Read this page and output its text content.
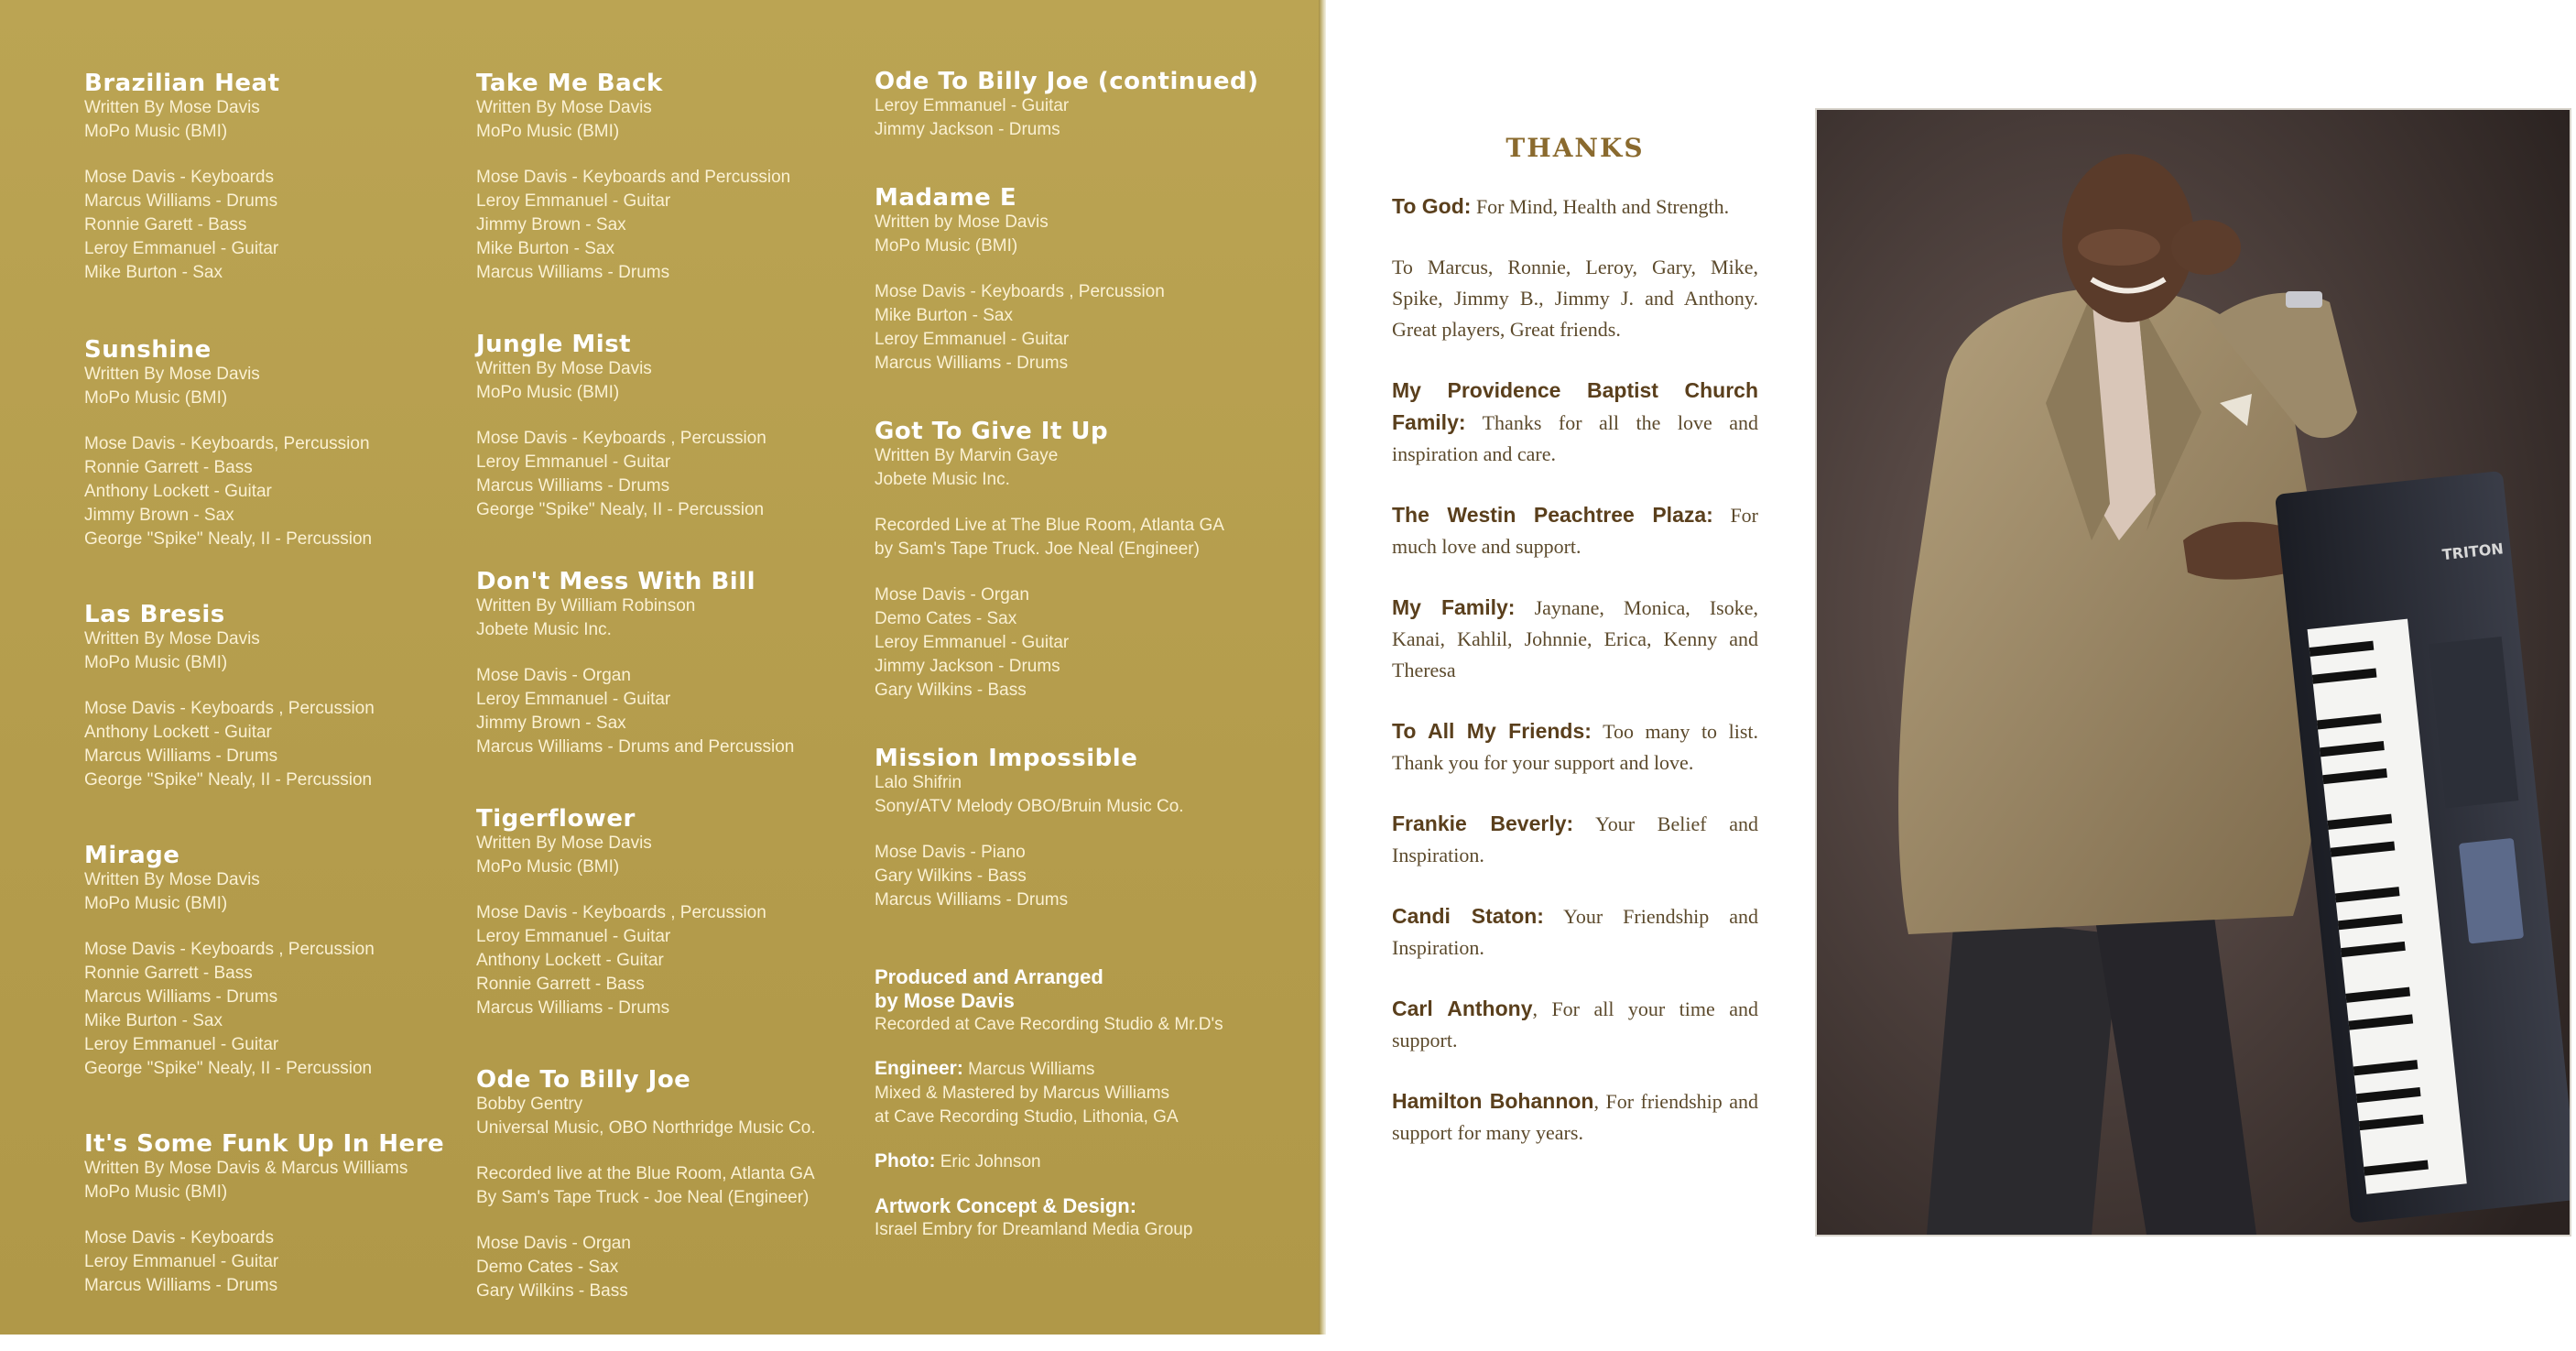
Brazilian Heat
Written By Mose Davis
MoPo Music (BMI)
Mose Davis - Keyboards
Marcus Williams - Drums
Ronnie Garett - Bass
Leroy Emmanuel - Guitar
Mike Burton - Sax
Sunshine
Written By Mose Davis
MoPo Music (BMI)
Mose Davis - Keyboards, Percussion
Ronnie Garrett - Bass
Anthony Lockett - Guitar
Jimmy Brown - Sax
George "Spike" Nealy, II - Percussion
Las Bresis
Written By Mose Davis
MoPo Music (BMI)
Mose Davis - Keyboards , Percussion
Anthony Lockett - Guitar
Marcus Williams - Drums
George "Spike" Nealy, II - Percussion
Mirage
Written By Mose Davis
MoPo Music (BMI)
Mose Davis - Keyboards , Percussion
Ronnie Garrett - Bass
Marcus Williams - Drums
Mike Burton - Sax
Leroy Emmanuel - Guitar
George "Spike" Nealy, II - Percussion
It's Some Funk Up In Here
Written By Mose Davis & Marcus Williams
MoPo Music (BMI)
Mose Davis - Keyboards
Leroy Emmanuel - Guitar
Marcus Williams - Drums
Take Me Back
Written By Mose Davis
MoPo Music (BMI)
Mose Davis - Keyboards and Percussion
Leroy Emmanuel - Guitar
Jimmy Brown - Sax
Mike Burton - Sax
Marcus Williams - Drums
Jungle Mist
Written By Mose Davis
MoPo Music (BMI)
Mose Davis - Keyboards , Percussion
Leroy Emmanuel - Guitar
Marcus Williams - Drums
George "Spike" Nealy, II - Percussion
Don't Mess With Bill
Written By William Robinson
Jobete Music Inc.
Mose Davis - Organ
Leroy Emmanuel - Guitar
Jimmy Brown - Sax
Marcus Williams - Drums and Percussion
Tigerflower
Written By Mose Davis
MoPo Music (BMI)
Mose Davis - Keyboards , Percussion
Leroy Emmanuel - Guitar
Anthony Lockett - Guitar
Ronnie Garrett - Bass
Marcus Williams - Drums
Ode To Billy Joe
Bobby Gentry
Universal Music, OBO Northridge Music Co.
Recorded live at the Blue Room, Atlanta GA
By Sam's Tape Truck - Joe Neal (Engineer)
Mose Davis - Organ
Demo Cates - Sax
Gary Wilkins - Bass
Ode To Billy Joe (continued)
Leroy Emmanuel - Guitar
Jimmy Jackson - Drums
Madame E
Written by Mose Davis
MoPo Music (BMI)
Mose Davis - Keyboards , Percussion
Mike Burton - Sax
Leroy Emmanuel - Guitar
Marcus Williams - Drums
Got To Give It Up
Written By Marvin Gaye
Jobete Music Inc.
Recorded Live at The Blue Room, Atlanta GA
by Sam's Tape Truck. Joe Neal (Engineer)
Mose Davis - Organ
Demo Cates - Sax
Leroy Emmanuel - Guitar
Jimmy Jackson - Drums
Gary Wilkins - Bass
Mission Impossible
Lalo Shifrin
Sony/ATV Melody OBO/Bruin Music Co.
Mose Davis - Piano
Gary Wilkins - Bass
Marcus Williams - Drums
Produced and Arranged
by Mose Davis
Recorded at Cave Recording Studio & Mr.D's
Engineer: Marcus Williams
Mixed & Mastered by Marcus Williams
at Cave Recording Studio, Lithonia, GA
Photo: Eric Johnson
Artwork Concept & Design:
Israel Embry for Dreamland Media Group
THANKS
To God: For Mind, Health and Strength.
To Marcus, Ronnie, Leroy, Gary, Mike, Spike, Jimmy B., Jimmy J. and Anthony. Great players, Great friends.
My Providence Baptist Church Family: Thanks for all the love and inspiration and care.
The Westin Peachtree Plaza: For much love and support.
My Family: Jaynane, Monica, Isoke, Kanai, Kahlil, Johnnie, Erica, Kenny and Theresa
To All My Friends: Too many to list. Thank you for your support and love.
Frankie Beverly: Your Belief and Inspiration.
Candi Staton: Your Friendship and Inspiration.
Carl Anthony, For all your time and support.
Hamilton Bohannon, For friendship and support for many years.
TRITON
